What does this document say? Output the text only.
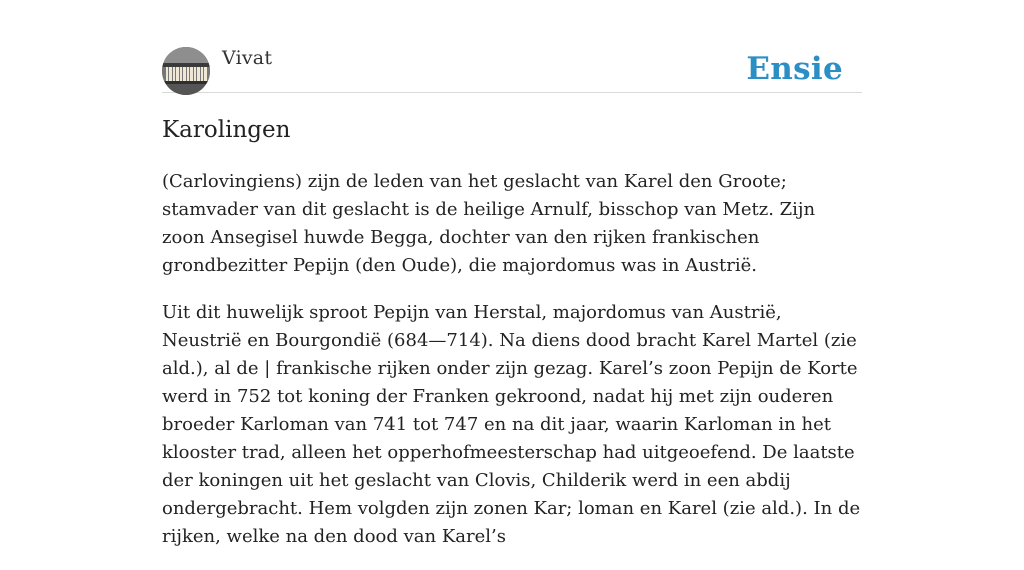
Vivat	Ensie
Karolingen

(Carlovingiens) zijn de leden van het geslacht van Karel den Groote; stamvader van dit geslacht is de heilige Arnulf, bisschop van Metz. Zijn zoon Ansegisel huwde Begga, dochter van den rijken frankischen grondbezitter Pepijn (den Oude), die majordomus was in Austrië.

Uit dit huwelijk sproot Pepijn van Herstal, majordomus van Austrië, Neustrië en Bourgondië (684—714). Na diens dood bracht Karel Martel (zie ald.), al de | frankische rijken onder zijn gezag. Karel’s zoon Pepijn de Korte werd in 752 tot koning der Franken gekroond, nadat hij met zijn ouderen broeder Karloman van 741 tot 747 en na dit jaar, waarin Karloman in het klooster trad, alleen het opperhofmeesterschap had uitgeoefend. De laatste der koningen uit het geslacht van Clovis, Childerik werd in een abdij ondergebracht. Hem volgden zijn zonen Kar; loman en Karel (zie ald.). In de rijken, welke na den dood van Karel’s
